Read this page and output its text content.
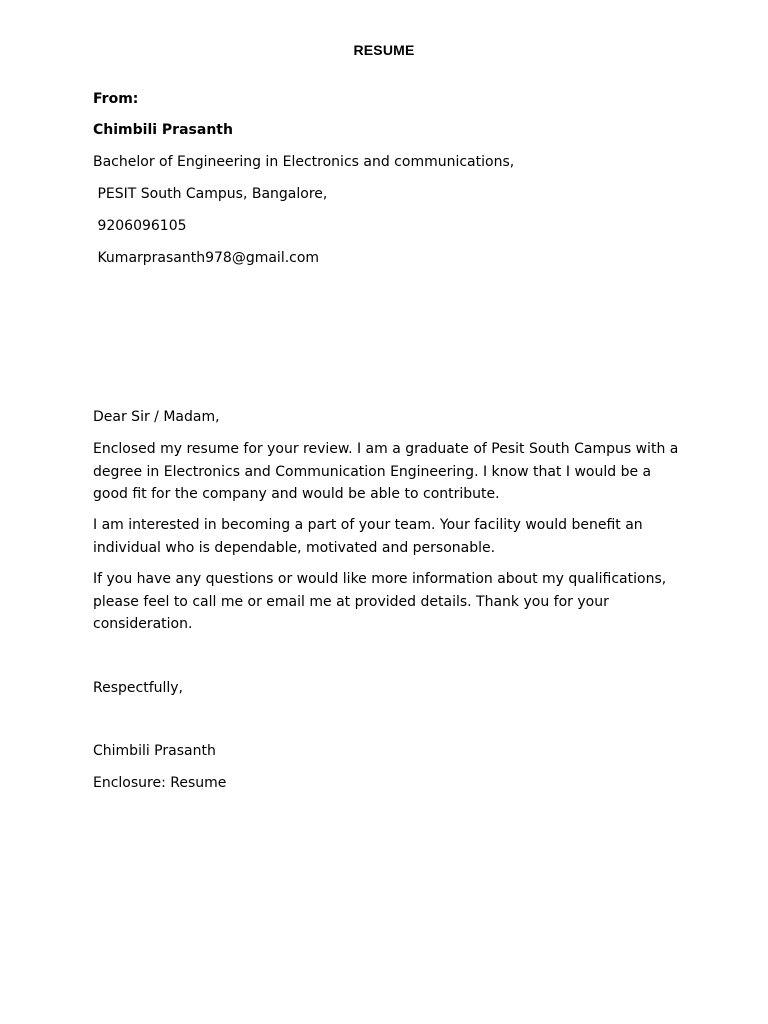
RESUME
From:
Chimbili Prasanth
Bachelor of Engineering in Electronics and communications,
PESIT South Campus, Bangalore,
9206096105
Kumarprasanth978@gmail.com
Dear Sir / Madam,
Enclosed my resume for your review. I am a graduate of Pesit South Campus with a degree in Electronics and Communication Engineering. I know that I would be a good fit for the company and would be able to contribute.
I am interested in becoming a part of your team. Your facility would benefit an individual who is dependable, motivated and personable.
If you have any questions or would like more information about my qualifications, please feel to call me or email me at provided details. Thank you for your consideration.
Respectfully,
Chimbili Prasanth
Enclosure: Resume
